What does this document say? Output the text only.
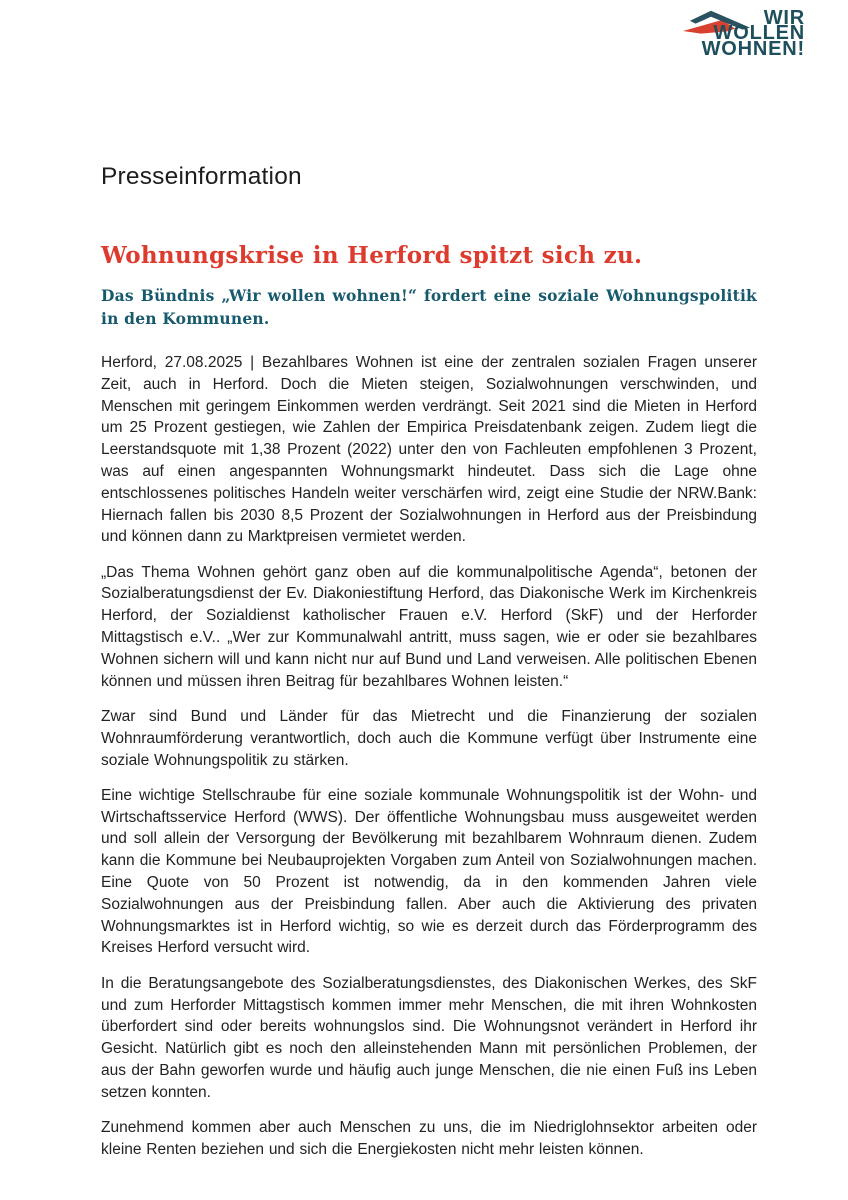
WIR
WOLLEN
WOHNEN!
Presseinformation
Wohnungskrise in Herford spitzt sich zu.
Das Bündnis „Wir wollen wohnen!“ fordert eine soziale Wohnungspolitik in den Kommunen.

Herford, 27.08.2025 | Bezahlbares Wohnen ist eine der zentralen sozialen Fragen unserer Zeit, auch in Herford. Doch die Mieten steigen, Sozialwohnungen verschwinden, und Menschen mit geringem Einkommen werden verdrängt. Seit 2021 sind die Mieten in Herford um 25 Prozent gestiegen, wie Zahlen der Empirica Preisdatenbank zeigen. Zudem liegt die Leerstandsquote mit 1,38 Prozent (2022) unter den von Fachleuten empfohlenen 3 Prozent, was auf einen angespannten Wohnungsmarkt hindeutet. Dass sich die Lage ohne entschlossenes politisches Handeln weiter verschärfen wird, zeigt eine Studie der NRW.Bank: Hiernach fallen bis 2030 8,5 Prozent der Sozialwohnungen in Herford aus der Preisbindung und können dann zu Marktpreisen vermietet werden.

„Das Thema Wohnen gehört ganz oben auf die kommunalpolitische Agenda“, betonen der Sozialberatungsdienst der Ev. Diakoniestiftung Herford, das Diakonische Werk im Kirchenkreis Herford, der Sozialdienst katholischer Frauen e.V. Herford (SkF) und der Herforder Mittagstisch e.V.. „Wer zur Kommunalwahl antritt, muss sagen, wie er oder sie bezahlbares Wohnen sichern will und kann nicht nur auf Bund und Land verweisen. Alle politischen Ebenen können und müssen ihren Beitrag für bezahlbares Wohnen leisten.“

Zwar sind Bund und Länder für das Mietrecht und die Finanzierung der sozialen Wohnraumförderung verantwortlich, doch auch die Kommune verfügt über Instrumente eine soziale Wohnungspolitik zu stärken.

Eine wichtige Stellschraube für eine soziale kommunale Wohnungspolitik ist der Wohn- und Wirtschaftsservice Herford (WWS). Der öffentliche Wohnungsbau muss ausgeweitet werden und soll allein der Versorgung der Bevölkerung mit bezahlbarem Wohnraum dienen. Zudem kann die Kommune bei Neubauprojekten Vorgaben zum Anteil von Sozialwohnungen machen. Eine Quote von 50 Prozent ist notwendig, da in den kommenden Jahren viele Sozialwohnungen aus der Preisbindung fallen. Aber auch die Aktivierung des privaten Wohnungsmarktes ist in Herford wichtig, so wie es derzeit durch das Förderprogramm des Kreises Herford versucht wird.

In die Beratungsangebote des Sozialberatungsdienstes, des Diakonischen Werkes, des SkF und zum Herforder Mittagstisch kommen immer mehr Menschen, die mit ihren Wohnkosten überfordert sind oder bereits wohnungslos sind. Die Wohnungsnot verändert in Herford ihr Gesicht. Natürlich gibt es noch den alleinstehenden Mann mit persönlichen Problemen, der aus der Bahn geworfen wurde und häufig auch junge Menschen, die nie einen Fuß ins Leben setzen konnten.

Zunehmend kommen aber auch Menschen zu uns, die im Niedriglohnsektor arbeiten oder kleine Renten beziehen und sich die Energiekosten nicht mehr leisten können.
